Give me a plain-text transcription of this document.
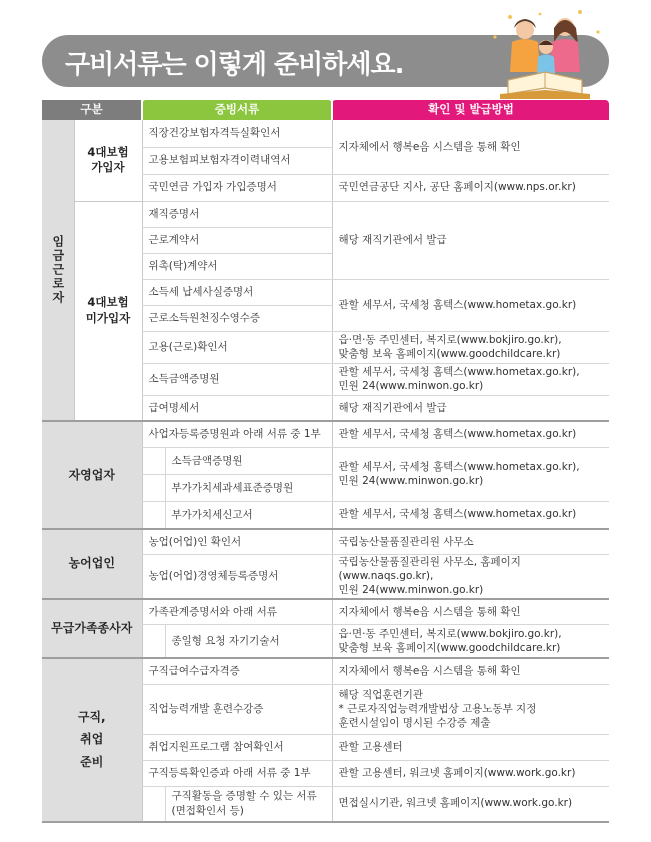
구비서류는 이렇게 준비하세요.
구분		증빙서류	확인 및 발급방법
임금근로자	4대보험 가입자	직장건강보험자격득실확인서	지자체에서 행복e음 시스템을 통해 확인
		고용보험피보험자격이력내역서	
		국민연금 가입자 가입증명서	국민연금공단 지사, 공단 홈페이지(www.nps.or.kr)
	4대보험 미가입자	재직증명서	해당 재직기관에서 발급
		근로계약서	
		위촉(탁)계약서	
		소득세 납세사실증명서	관할 세무서, 국세청 홈텍스(www.hometax.go.kr)
		근로소득원천징수영수증	
		고용(근로)확인서	읍·면·동 주민센터, 복지로(www.bokjiro.go.kr),
맞춤형 보육 홈페이지(www.goodchildcare.kr)
		소득금액증명원	관할 세무서, 국세청 홈텍스(www.hometax.go.kr),
민원 24(www.minwon.go.kr)
		급여명세서	해당 재직기관에서 발급
자영업자		사업자등록증명원과 아래 서류 중 1부	관할 세무서, 국세청 홈텍스(www.hometax.go.kr)
		소득금액증명원	관할 세무서, 국세청 홈텍스(www.hometax.go.kr),
민원 24(www.minwon.go.kr)
		부가가치세과세표준증명원	
		부가가치세신고서	관할 세무서, 국세청 홈텍스(www.hometax.go.kr)
농어업인		농업(어업)인 확인서	국립농산물품질관리원 사무소
		농업(어업)경영체등록증명서	국립농산물품질관리원 사무소, 홈페이지(www.naqs.go.kr),
민원 24(www.minwon.go.kr)
무급가족종사자		가족관계증명서와 아래 서류	지자체에서 행복e음 시스템을 통해 확인
		종일형 요청 자기기술서	읍·면·동 주민센터, 복지로(www.bokjiro.go.kr),
맞춤형 보육 홈페이지(www.goodchildcare.kr)
구직,
취업
준비		구직급여수급자격증	지자체에서 행복e음 시스템을 통해 확인
		직업능력개발 훈련수강증	해당 직업훈련기관
* 근로자직업능력개발법상 고용노동부 지정
훈련시설임이 명시된 수강증 제출
		취업지원프로그램 참여확인서	관할 고용센터
		구직등록확인증과 아래 서류 중 1부	관할 고용센터, 워크넷 홈페이지(www.work.go.kr)
		구직활동을 증명할 수 있는 서류
(면접확인서 등)	면접실시기관, 워크넷 홈페이지(www.work.go.kr)
